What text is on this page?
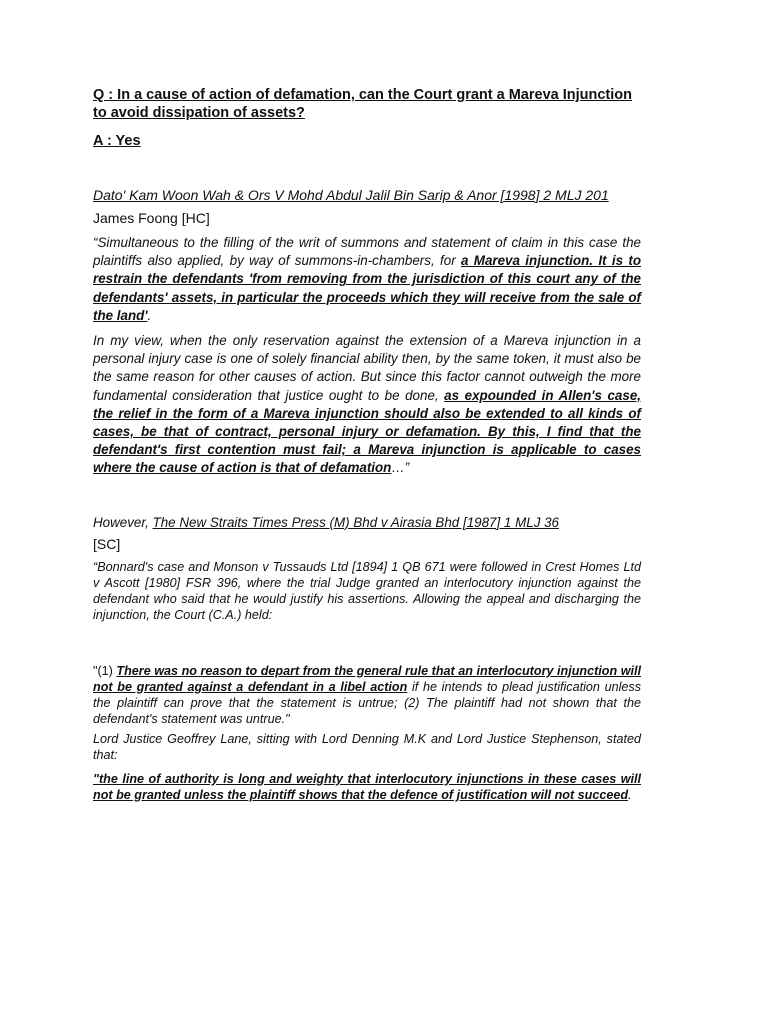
Q : In a cause of action of defamation, can the Court grant a Mareva Injunction to avoid dissipation of assets?

A : Yes

Dato' Kam Woon Wah & Ors V Mohd Abdul Jalil Bin Sarip & Anor [1998] 2 MLJ 201

James Foong [HC]

“Simultaneous to the filling of the writ of summons and statement of claim in this case the plaintiffs also applied, by way of summons-in-chambers, for a Mareva injunction. It is to restrain the defendants 'from removing from the jurisdiction of this court any of the defendants' assets, in particular the proceeds which they will receive from the sale of the land'.

In my view, when the only reservation against the extension of a Mareva injunction in a personal injury case is one of solely financial ability then, by the same token, it must also be the same reason for other causes of action. But since this factor cannot outweigh the more fundamental consideration that justice ought to be done, as expounded in Allen's case, the relief in the form of a Mareva injunction should also be extended to all kinds of cases, be that of contract, personal injury or defamation. By this, I find that the defendant's first contention must fail; a Mareva injunction is applicable to cases where the cause of action is that of defamation…”

However, The New Straits Times Press (M) Bhd v Airasia Bhd [1987] 1 MLJ 36

[SC]

“Bonnard's case and Monson v Tussauds Ltd [1894] 1 QB 671 were followed in Crest Homes Ltd v Ascott [1980] FSR 396, where the trial Judge granted an interlocutory injunction against the defendant who said that he would justify his assertions. Allowing the appeal and discharging the injunction, the Court (C.A.) held:

"(1) There was no reason to depart from the general rule that an interlocutory injunction will not be granted against a defendant in a libel action if he intends to plead justification unless the plaintiff can prove that the statement is untrue; (2) The plaintiff had not shown that the defendant's statement was untrue."

Lord Justice Geoffrey Lane, sitting with Lord Denning M.K and Lord Justice Stephenson, stated that:

"the line of authority is long and weighty that interlocutory injunctions in these cases will not be granted unless the plaintiff shows that the defence of justification will not succeed.
